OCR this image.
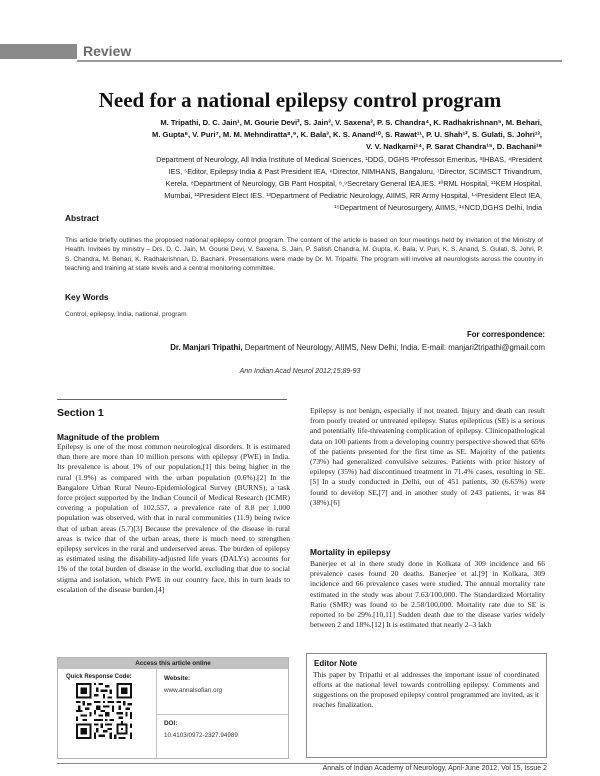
Review
Need for a national epilepsy control program
M. Tripathi, D. C. Jain¹, M. Gourie Devi², S. Jain³, V. Saxena³, P. S. Chandra⁴, K. Radhakrishnan⁵, M. Behari,
M. Gupta⁶, V. Puri⁷, M. M. Mehndiratta⁸,⁹, K. Bala³, K. S. Anand¹⁰, S. Rawat¹¹, P. U. Shah¹², S. Gulati, S. Johri¹³,
V. V. Nadkarni¹⁴, P. Sarat Chandra¹⁵, D. Bachani¹⁶
Department of Neurology, All India Institute of Medical Sciences, ¹DDG, DGHS ²Professor Emeritus, ³IHBAS, ⁴President
IES, ⁵Editor, Epilepsy India & Past President IEA, ⁶Director, NIMHANS, Bangaluru, ⁷Director, SCIMSCT Trivandrum,
Kerela, ⁸Department of Neurology, GB Pant Hospital, ⁸,⁹Secretary General IEA,IES. ¹⁰RML Hospital, ¹¹KEM Hospital,
Mumbai, ¹²President Elect IES. ¹³Department of Pediatric Neurology, AIIMS, RR Army Hospital, ¹⁴President Elect IEA,
¹⁵Department of Neurosurgery, AIIMS, ¹⁶NCD,DGHS Delhi, India
Abstract
This article briefly outlines the proposed national epilepsy control program. The content of the article is based on four meetings held by invitation of the Ministry of Health. Invitees by ministry – Drs. D. C. Jain, M. Gourie Devi, V. Saxena, S. Jain, P. Satish Chandra, M. Gupta, K. Bala, V. Puri, K. S. Anand, S. Gulati, S. Johri, P. S. Chandra, M. Behari, K. Radhakrishnan, D. Bachani. Presentations were made by Dr. M. Tripathi. The program will involve all neurologists across the country in teaching and training at state levels and a central monitoring committee.
Key Words
Control, epilepsy, India, national, program
For correspondence:
Dr. Manjari Tripathi, Department of Neurology, AIIMS, New Delhi, India. E-mail: manjari2tripathi@gmail.com
Ann Indian Acad Neurol 2012;15:89-93
Section 1
Magnitude of the problem
Epilepsy is one of the most common neurological disorders. It is estimated than there are more than 10 million persons with epilepsy (PWE) in India. Its prevalence is about 1% of our population,[1] this being higher in the rural (1.9%) as compared with the urban population (0.6%).[2] In the Bangalore Urban Rural Neuro-Epidemiological Survey (BURNS), a task force project supported by the Indian Council of Medical Research (ICMR) covering a population of 102,557, a prevalence rate of 8.8 per 1,000 population was observed, with that in rural communities (11.9) being twice that of urban areas (5.7)[3] Because the prevalence of the disease in rural areas is twice that of the urban areas, there is much need to strengthen epilepsy services in the rural and underserved areas. The burden of epilepsy as estimated using the disability-adjusted life years (DALYs) accounts for 1% of the total burden of disease in the world, excluding that due to social stigma and isolation, which PWE in our country face, this in turn leads to escalation of the disease burden.[4]
Epilepsy is not benign, especially if not treated. Injury and death can result from poorly treated or untreated epilepsy. Status epilepticus (SE) is a serious and potentially life-threatening complication of epilepsy. Clinicopathological data on 100 patients from a developing country perspective showed that 65% of the patients presented for the first time as SE. Majority of the patients (73%) had generalized convulsive seizures. Patients with prior history of epilepsy (35%) had discontinued treatment in 71.4% cases, resulting in SE.[5] In a study conducted in Delhi, out of 451 patients, 30 (6.65%) were found to develop SE,[7] and in another study of 243 patients, it was 84 (38%).[6]
Mortality in epilepsy
Banerjee et al in there study done in Kolkata of 309 incidence and 66 prevalence cases found 20 deaths. Banerjee et al.[9] in Kolkata, 309 incidence and 66 prevalence cases were studied. The annual mortality rate estimated in the study was about 7.63/100,000. The Standardized Mortality Ratio (SMR) was found to be 2.58/100,000. Mortality rate due to SE is reported to be 29%.[10,11] Sudden death due to the disease varies widely between 2 and 18%.[12] It is estimated that nearly 2–3 lakh
Access this article online
Quick Response Code:	Website:
www.annalsofian.org
DOI:
10.4103/0972-2327.94989
Editor Note
This paper by Tripathi et al addresses the important issue of coordinated efforts at the national level towards controlling epilepsy. Comments and suggestions on the proposed epilepsy control programmed are invited, as it reaches finalization.
Annals of Indian Academy of Neurology, April-June 2012, Vol 15, Issue 2
